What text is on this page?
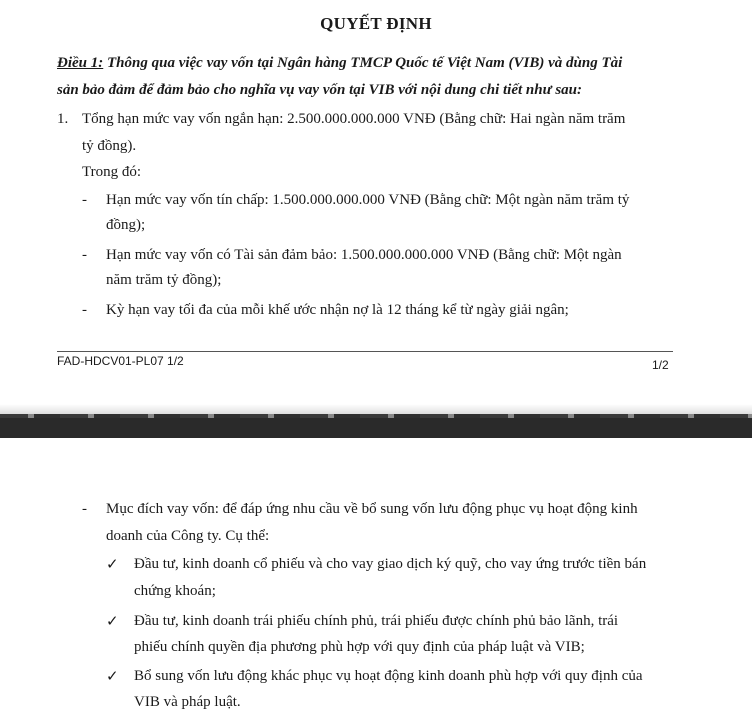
QUYẾT ĐỊNH
Điều 1: Thông qua việc vay vốn tại Ngân hàng TMCP Quốc tế Việt Nam (VIB) và dùng Tài
sản bảo đảm để đảm bảo cho nghĩa vụ vay vốn tại VIB với nội dung chi tiết như sau:
1. Tổng hạn mức vay vốn ngắn hạn: 2.500.000.000.000 VNĐ (Bằng chữ: Hai ngàn năm trăm
tỷ đồng).
Trong đó:
- Hạn mức vay vốn tín chấp: 1.500.000.000.000 VNĐ (Bằng chữ: Một ngàn năm trăm tỷ
đồng);
- Hạn mức vay vốn có Tài sản đảm bảo: 1.500.000.000.000 VNĐ (Bằng chữ: Một ngàn
năm trăm tỷ đồng);
- Kỳ hạn vay tối đa của mỗi khế ước nhận nợ là 12 tháng kể từ ngày giải ngân;
FAD-HDCV01-PL07 1/2	1/2
- Mục đích vay vốn: để đáp ứng nhu cầu về bổ sung vốn lưu động phục vụ hoạt động kinh
doanh của Công ty. Cụ thể:
✓ Đầu tư, kinh doanh cổ phiếu và cho vay giao dịch ký quỹ, cho vay ứng trước tiền bán
chứng khoán;
✓ Đầu tư, kinh doanh trái phiếu chính phủ, trái phiếu được chính phủ bảo lãnh, trái
phiếu chính quyền địa phương phù hợp với quy định của pháp luật và VIB;
✓ Bổ sung vốn lưu động khác phục vụ hoạt động kinh doanh phù hợp với quy định của
VIB và pháp luật.
